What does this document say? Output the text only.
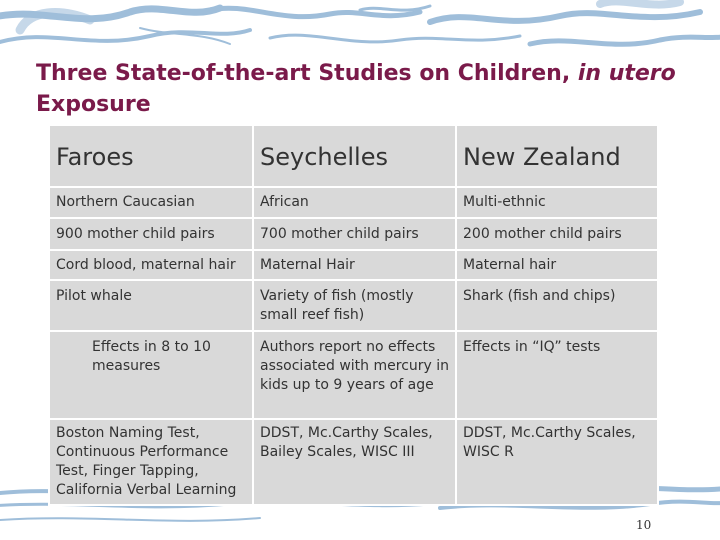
Three State-of-the-art Studies on Children, in utero
Exposure
Faroes	Seychelles	New Zealand
Northern Caucasian	African	Multi-ethnic
900 mother child pairs	700 mother child pairs	200 mother child pairs
Cord blood, maternal hair	Maternal Hair	Maternal hair
Pilot whale	Variety of fish (mostly small reef fish)	Shark (fish and chips)

Effects in 8 to 10 measures	Authors report no effects associated with mercury in kids up to 9 years of age	Effects in “IQ” tests
Boston Naming Test, Continuous Performance Test, Finger Tapping, California Verbal Learning	DDST, Mc.Carthy Scales, Bailey Scales, WISC III	DDST, Mc.Carthy Scales, WISC R
10
